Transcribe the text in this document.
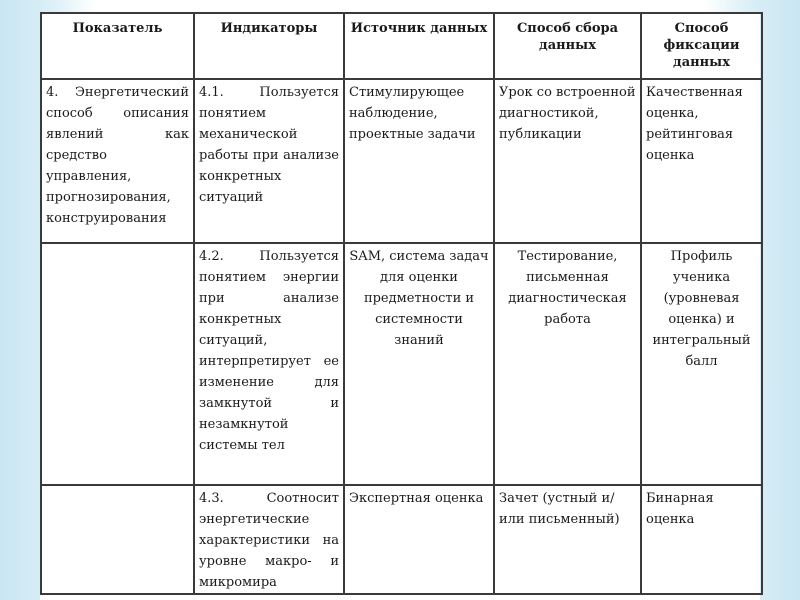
Показатель	Индикаторы	Источник данных	Способ сбора данных	Способ фиксации данных
4. Энергетический способ описания явлений как средство управления, прогнозирования, конструирования	4.1. Пользуется понятием механической работы при анализе конкретных ситуаций	Стимулирующее наблюдение, проектные задачи	Урок со встроенной диагностикой, публикации	Качественная оценка, рейтинговая оценка
	4.2. Пользуется понятием энергии при анализе конкретных ситуаций, интерпретирует ее изменение для замкнутой и незамкнутой системы тел	SAM, система задач для оценки предметности и системности знаний	Тестирование, письменная диагностическая работа	Профиль ученика (уровневая оценка) и интегральный балл
	4.3. Соотносит энергетические характеристики на уровне макро- и микромира	Экспертная оценка	Зачет (устный и/или письменный)	Бинарная оценка
